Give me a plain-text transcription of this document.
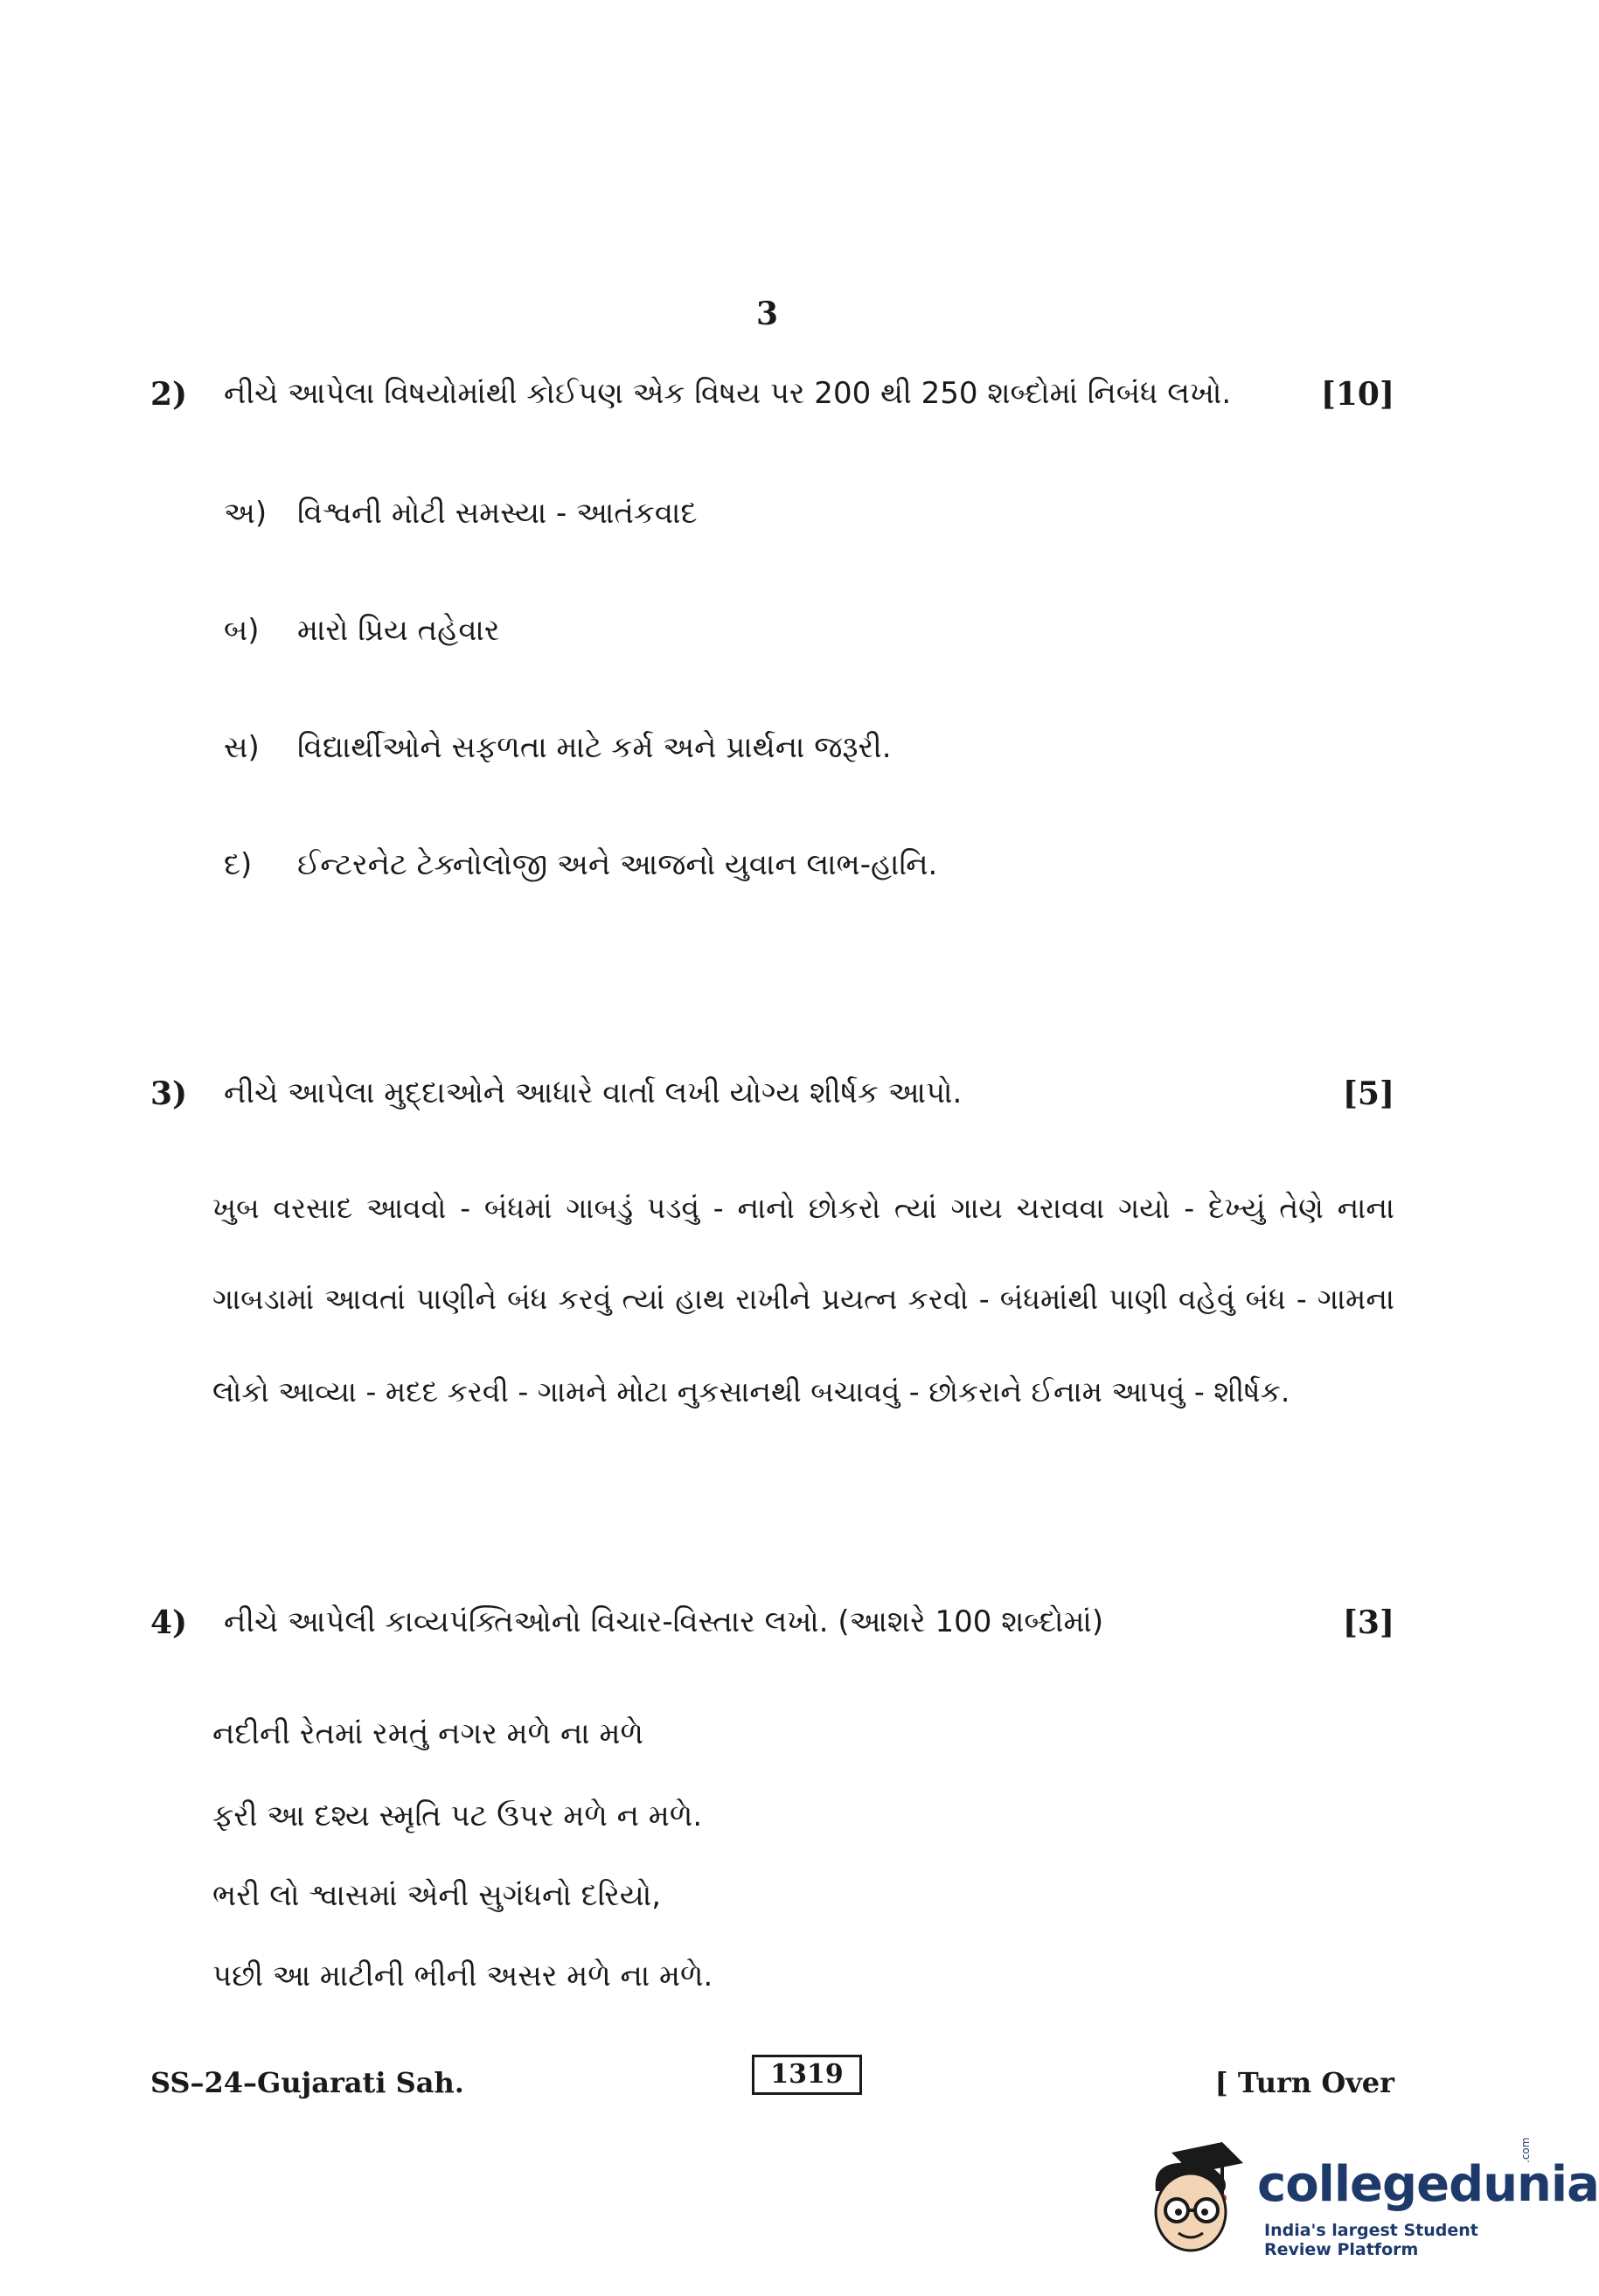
3
2) નીચે આપેલા વિષયોમાંથી કોઈપણ એક વિષય પર 200 થી 250 શબ્દોમાં નિબંધ લખો.	[10]
અ) વિશ્વની મોટી સમસ્યા - આતંકવાદ
બ) મારો પ્રિય તહેવાર
સ) વિદ્યાર્થીઓને સફળતા માટે કર્મ અને પ્રાર્થના જરૂરી.
દ) ઈન્ટરનેટ ટેક્નોલોજી અને આજનો યુવાન લાભ-હાનિ.
3) નીચે આપેલા મુદ્દાઓને આધારે વાર્તા લખી યોગ્ય શીર્ષક આપો.	[5]
ખુબ વરસાદ આવવો - બંધમાં ગાબડું પડવું - નાનો છોકરો ત્યાં ગાય ચરાવવા ગયો - દેખ્યું તેણે નાના
ગાબડામાં આવતાં પાણીને બંધ કરવું ત્યાં હાથ રાખીને પ્રયત્ન કરવો - બંધમાંથી પાણી વહેવું બંધ - ગામના
લોકો આવ્યા - મદદ કરવી - ગામને મોટા નુકસાનથી બચાવવું - છોકરાને ઈનામ આપવું - શીર્ષક.
4) નીચે આપેલી કાવ્યપંક્તિઓનો વિચાર-વિસ્તાર લખો. (આશરે 100 શબ્દોમાં)	[3]
નદીની રેતમાં રમતું નગર મળે ના મળે
ફરી આ દશ્ય સ્મૃતિ પટ ઉપર મળે ન મળે.
ભરી લો શ્વાસમાં એની સુગંધનો દરિયો,
પછી આ માટીની ભીની અસર મળે ના મળે.
SS–24–Gujarati Sah.	1319	[ Turn Over
collegedunia
.com
India's largest Student Review Platform
